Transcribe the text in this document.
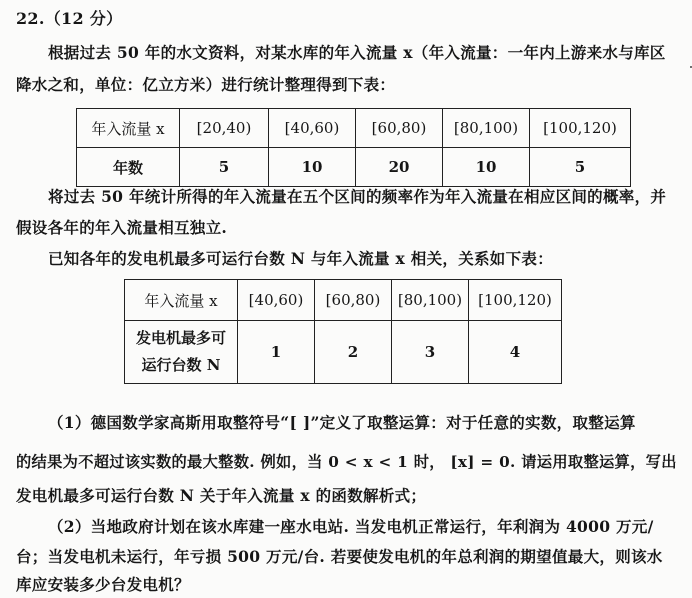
22.（12 分）
根据过去 50 年的水文资料，对某水库的年入流量 x（年入流量：一年内上游来水与库区
降水之和，单位：亿立方米）进行统计整理得到下表：
年入流量 x	[20,40)	[40,60)	[60,80)	[80,100)	[100,120)
年数	5	10	20	10	5
将过去 50 年统计所得的年入流量在五个区间的频率作为年入流量在相应区间的概率，并
假设各年的年入流量相互独立.
已知各年的发电机最多可运行台数 N 与年入流量 x 相关，关系如下表：
年入流量 x	[40,60)	[60,80)	[80,100)	[100,120)

发电机最多可
运行台数 N	1	2	3	4
（1）德国数学家高斯用取整符号“[ ]”定义了取整运算：对于任意的实数，取整运算
的结果为不超过该实数的最大整数. 例如，当 0 < x < 1 时， [x] = 0. 请运用取整运算，写出
发电机最多可运行台数 N 关于年入流量 x 的函数解析式；
（2）当地政府计划在该水库建一座水电站. 当发电机正常运行，年利润为 4000 万元/
台；当发电机未运行，年亏损 500 万元/台. 若要使发电机的年总利润的期望值最大，则该水
库应安装多少台发电机？
